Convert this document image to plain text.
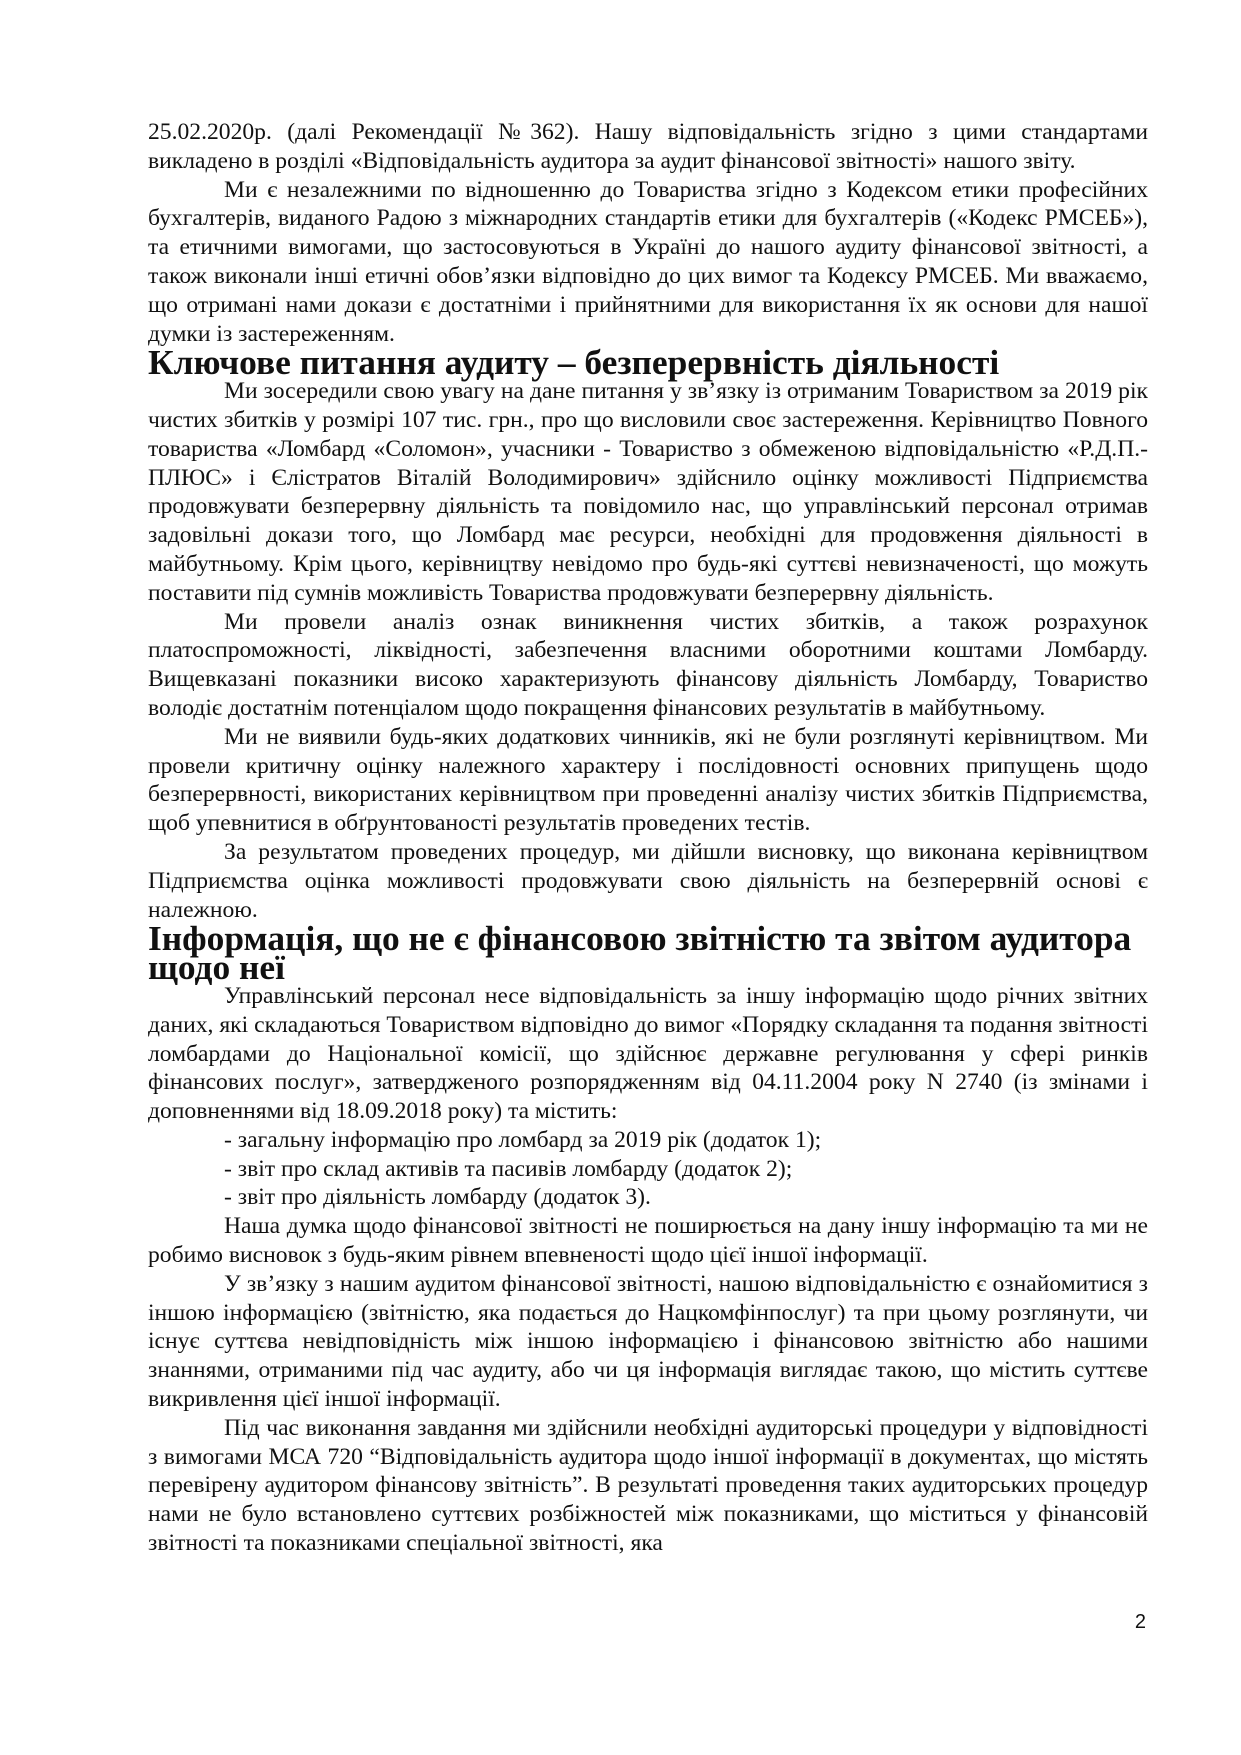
25.02.2020р. (далі Рекомендації №362). Нашу відповідальність згідно з цими стандартами викладено в розділі «Відповідальність аудитора за аудит фінансової звітності» нашого звіту.

Ми є незалежними по відношенню до Товариства згідно з Кодексом етики професійних бухгалтерів, виданого Радою з міжнародних стандартів етики для бухгалтерів («Кодекс РМСЕБ»), та етичними вимогами, що застосовуються в Україні до нашого аудиту фінансової звітності, а також виконали інші етичні обов’язки відповідно до цих вимог та Кодексу РМСЕБ. Ми вважаємо, що отримані нами докази є достатніми і прийнятними для використання їх як основи для нашої думки із застереженням.

Ключове питання аудиту – безперервність діяльності

Ми зосередили свою увагу на дане питання у зв’язку із отриманим Товариством за 2019 рік чистих збитків у розмірі 107 тис. грн., про що висловили своє застереження. Керівництво Повного товариства «Ломбард «Соломон», учасники - Товариство з обмеженою відповідальністю «Р.Д.П.-ПЛЮС» і Єлістратов Віталій Володимирович» здійснило оцінку можливості Підприємства продовжувати безперервну діяльність та повідомило нас, що управлінський персонал отримав задовільні докази того, що Ломбард має ресурси, необхідні для продовження діяльності в майбутньому. Крім цього, керівництву невідомо про будь-які суттєві невизначеності, що можуть поставити під сумнів можливість Товариства продовжувати безперервну діяльність.

Ми провели аналіз ознак виникнення чистих збитків, а також розрахунок платоспроможності, ліквідності, забезпечення власними оборотними коштами Ломбарду. Вищевказані показники високо характеризують фінансову діяльність Ломбарду, Товариство володіє достатнім потенціалом щодо покращення фінансових результатів в майбутньому.

Ми не виявили будь-яких додаткових чинників, які не були розглянуті керівництвом. Ми провели критичну оцінку належного характеру і послідовності основних припущень щодо безперервності, використаних керівництвом при проведенні аналізу чистих збитків Підприємства, щоб упевнитися в обґрунтованості результатів проведених тестів.

За результатом проведених процедур, ми дійшли висновку, що виконана керівництвом Підприємства оцінка можливості продовжувати свою діяльність на безперервній основі є належною.

Інформація, що не є фінансовою звітністю та звітом аудитора щодо неї

Управлінський персонал несе відповідальність за іншу інформацію щодо річних звітних даних, які складаються Товариством відповідно до вимог «Порядку складання та подання звітності ломбардами до Національної комісії, що здійснює державне регулювання у сфері ринків фінансових послуг», затвердженого розпорядженням від 04.11.2004 року N 2740 (із змінами і доповненнями від 18.09.2018 року) та містить:

- загальну інформацію про ломбард за 2019 рік (додаток 1);
- звіт про склад активів та пасивів ломбарду (додаток 2);
- звіт про діяльність ломбарду (додаток 3).

Наша думка щодо фінансової звітності не поширюється на дану іншу інформацію та ми не робимо висновок з будь-яким рівнем впевненості щодо цієї іншої інформації.

У зв’язку з нашим аудитом фінансової звітності, нашою відповідальністю є ознайомитися з іншою інформацією (звітністю, яка подається до Нацкомфінпослуг) та при цьому розглянути, чи існує суттєва невідповідність між іншою інформацією і фінансовою звітністю або нашими знаннями, отриманими під час аудиту, або чи ця інформація виглядає такою, що містить суттєве викривлення цієї іншої інформації.

Під час виконання завдання ми здійснили необхідні аудиторські процедури у відповідності з вимогами МСА 720 “Відповідальність аудитора щодо іншої інформації в документах, що містять перевірену аудитором фінансову звітність”. В результаті проведення таких аудиторських процедур нами не було встановлено суттєвих розбіжностей між показниками, що міститься у фінансовій звітності та показниками спеціальної звітності, яка

2
